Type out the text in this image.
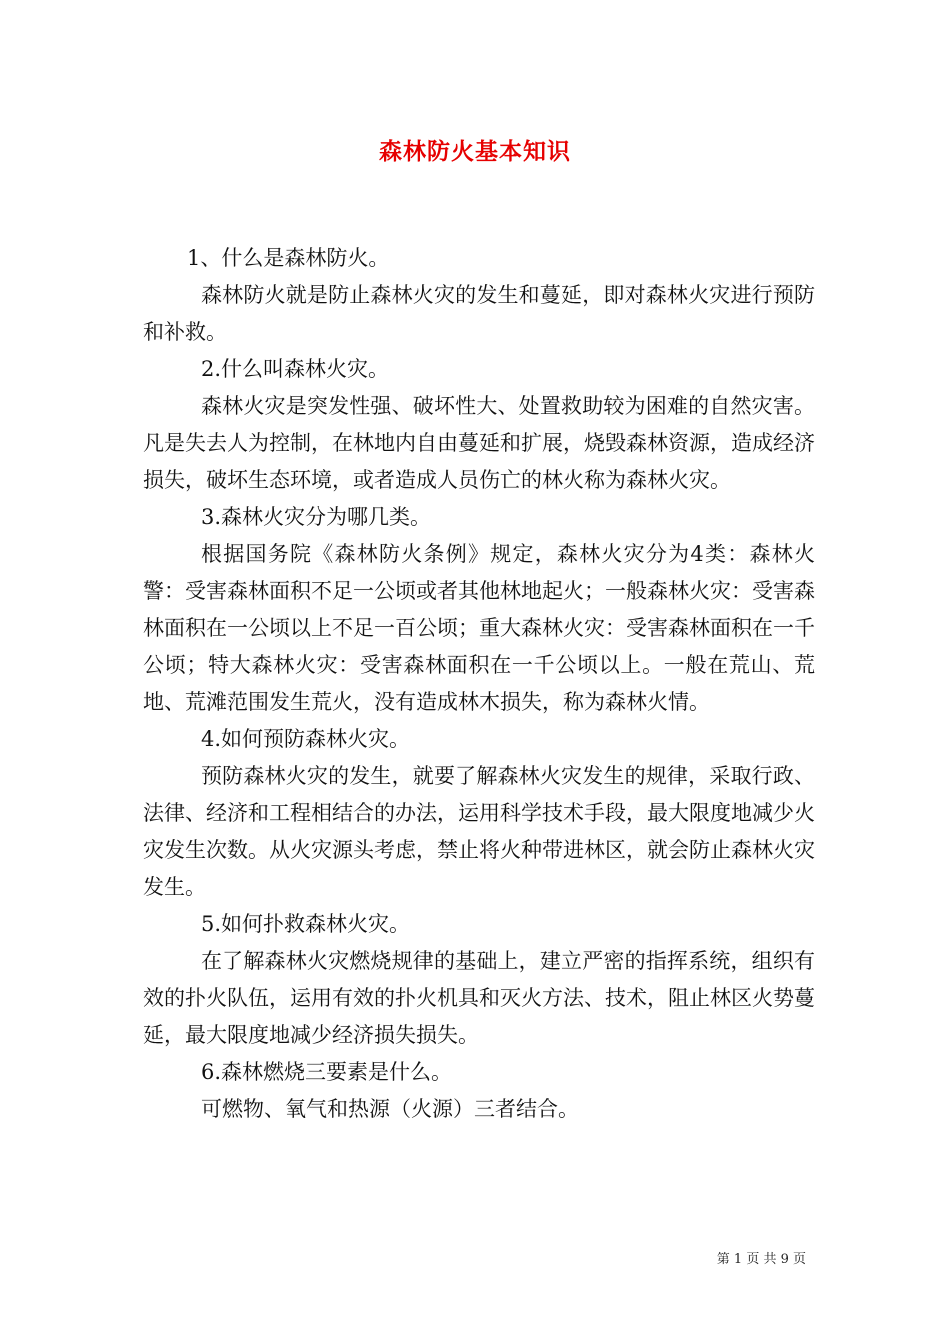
森林防火基本知识

1、什么是森林防火。

森林防火就是防止森林火灾的发生和蔓延，即对森林火灾进行预防和补救。

2.什么叫森林火灾。

森林火灾是突发性强、破坏性大、处置救助较为困难的自然灾害。凡是失去人为控制，在林地内自由蔓延和扩展，烧毁森林资源，造成经济损失，破坏生态环境，或者造成人员伤亡的林火称为森林火灾。

3.森林火灾分为哪几类。

根据国务院《森林防火条例》规定，森林火灾分为4类：森林火警：受害森林面积不足一公顷或者其他林地起火；一般森林火灾：受害森林面积在一公顷以上不足一百公顷；重大森林火灾：受害森林面积在一千公顷；特大森林火灾：受害森林面积在一千公顷以上。一般在荒山、荒地、荒滩范围发生荒火，没有造成林木损失，称为森林火情。

4.如何预防森林火灾。

预防森林火灾的发生，就要了解森林火灾发生的规律，采取行政、法律、经济和工程相结合的办法，运用科学技术手段，最大限度地减少火灾发生次数。从火灾源头考虑，禁止将火种带进林区，就会防止森林火灾发生。

5.如何扑救森林火灾。

在了解森林火灾燃烧规律的基础上，建立严密的指挥系统，组织有效的扑火队伍，运用有效的扑火机具和灭火方法、技术，阻止林区火势蔓延，最大限度地减少经济损失损失。

6.森林燃烧三要素是什么。

可燃物、氧气和热源（火源）三者结合。

第 1 页 共 9 页
